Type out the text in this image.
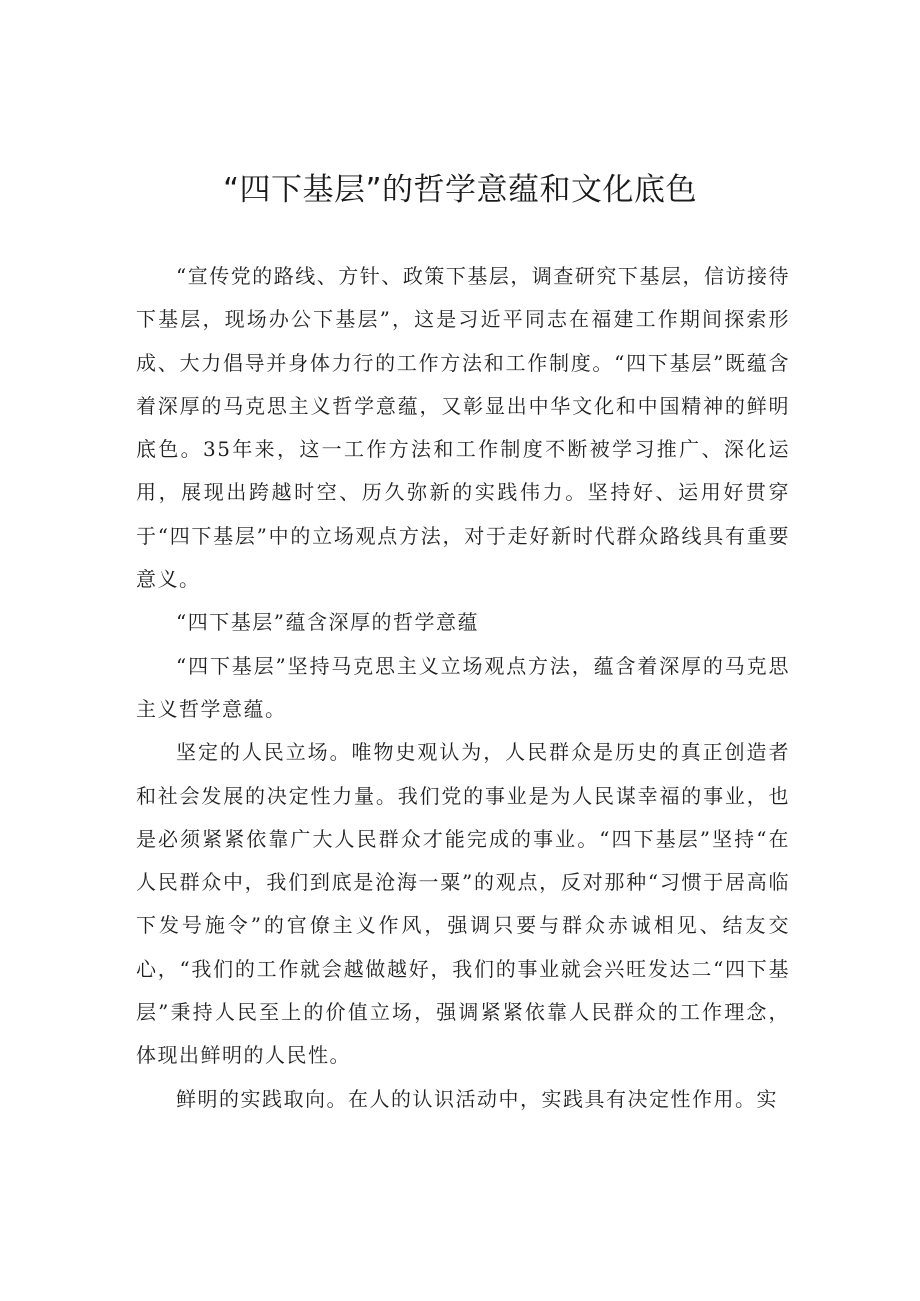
“四下基层”的哲学意蕴和文化底色

“宣传党的路线、方针、政策下基层，调查研究下基层，信访接待下基层，现场办公下基层”，这是习近平同志在福建工作期间探索形成、大力倡导并身体力行的工作方法和工作制度。“四下基层”既蕴含着深厚的马克思主义哲学意蕴，又彰显出中华文化和中国精神的鲜明底色。35年来，这一工作方法和工作制度不断被学习推广、深化运用，展现出跨越时空、历久弥新的实践伟力。坚持好、运用好贯穿于“四下基层”中的立场观点方法，对于走好新时代群众路线具有重要意义。

“四下基层”蕴含深厚的哲学意蕴

“四下基层”坚持马克思主义立场观点方法，蕴含着深厚的马克思主义哲学意蕴。

坚定的人民立场。唯物史观认为，人民群众是历史的真正创造者和社会发展的决定性力量。我们党的事业是为人民谋幸福的事业，也是必须紧紧依靠广大人民群众才能完成的事业。“四下基层”坚持“在人民群众中，我们到底是沧海一粟”的观点，反对那种“习惯于居高临下发号施令”的官僚主义作风，强调只要与群众赤诚相见、结友交心，“我们的工作就会越做越好，我们的事业就会兴旺发达二“四下基层”秉持人民至上的价值立场，强调紧紧依靠人民群众的工作理念，体现出鲜明的人民性。

鲜明的实践取向。在人的认识活动中，实践具有决定性作用。实
